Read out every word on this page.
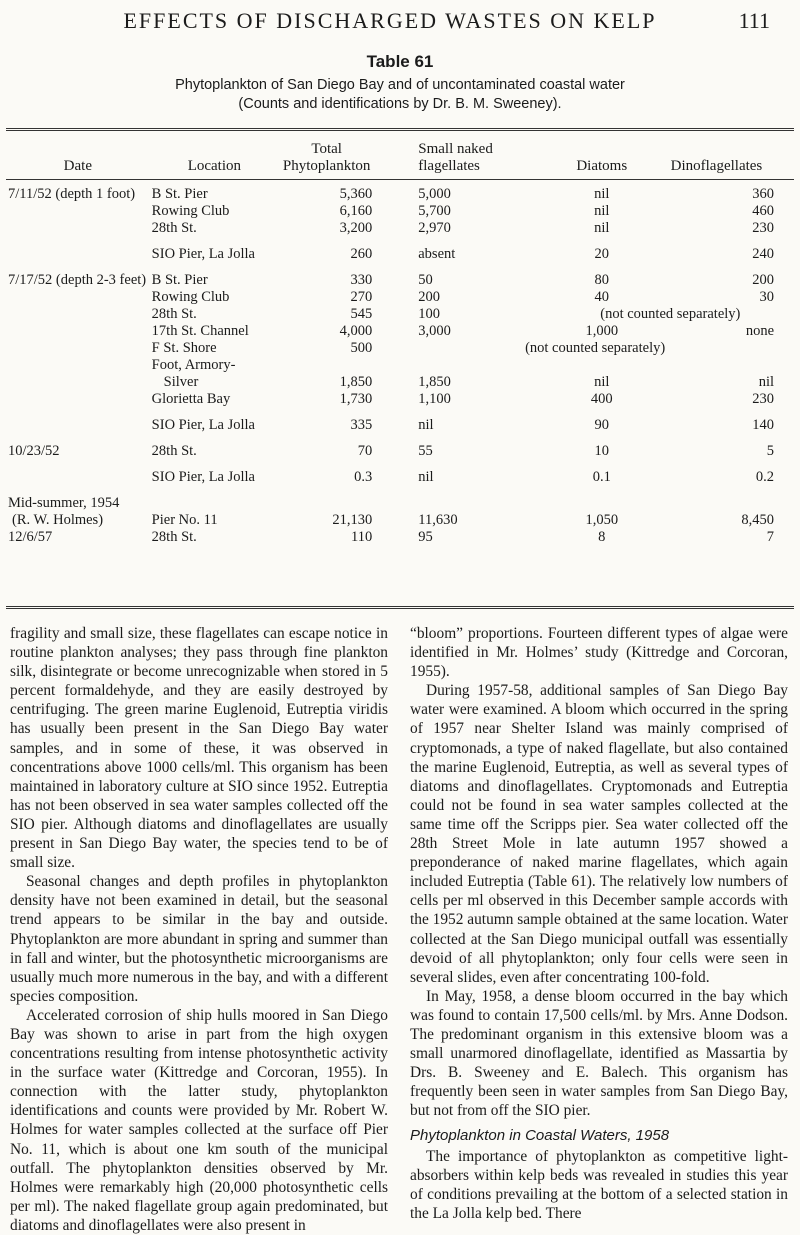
EFFECTS OF DISCHARGED WASTES ON KELP	111
Table 61
Phytoplankton of San Diego Bay and of uncontaminated coastal water
(Counts and identifications by Dr. B. M. Sweeney).
Date	Location	Total Phytoplankton	Small naked flagellates	Diatoms	Dinoflagellates

7/11/52 (depth 1 foot)	B St. Pier	5,360	5,000	nil	360
	Rowing Club	6,160	5,700	nil	460
	28th St.	3,200	2,970	nil	230
	SIO Pier, La Jolla	260	absent	20	240
7/17/52 (depth 2-3 feet)	B St. Pier	330	50	80	200
	Rowing Club	270	200	40	30
	28th St.	545	100	(not counted separately)	
	17th St. Channel	4,000	3,000	1,000	none
	F St. Shore	500	(not counted separately)		
	Foot, Armory-				
	Silver	1,850	1,850	nil	nil
	Glorietta Bay	1,730	1,100	400	230
	SIO Pier, La Jolla	335	nil	90	140
10/23/52	28th St.	70	55	10	5
	SIO Pier, La Jolla	0.3	nil	0.1	0.2
Mid-summer, 1954					
(R. W. Holmes)	Pier No. 11	21,130	11,630	1,050	8,450
12/6/57	28th St.	110	95	8	7

fragility and small size, these flagellates can escape notice in routine plankton analyses; they pass through fine plankton silk, disintegrate or become unrecognizable when stored in 5 percent formaldehyde, and they are easily destroyed by centrifuging. The green marine Euglenoid, Eutreptia viridis has usually been present in the San Diego Bay water samples, and in some of these, it was observed in concentrations above 1000 cells/ml. This organism has been maintained in laboratory culture at SIO since 1952. Eutreptia has not been observed in sea water samples collected off the SIO pier. Although diatoms and dinoflagellates are usually present in San Diego Bay water, the species tend to be of small size.

Seasonal changes and depth profiles in phytoplankton density have not been examined in detail, but the seasonal trend appears to be similar in the bay and outside. Phytoplankton are more abundant in spring and summer than in fall and winter, but the photosynthetic microorganisms are usually much more numerous in the bay, and with a different species composition.

Accelerated corrosion of ship hulls moored in San Diego Bay was shown to arise in part from the high oxygen concentrations resulting from intense photosynthetic activity in the surface water (Kittredge and Corcoran, 1955). In connection with the latter study, phytoplankton identifications and counts were provided by Mr. Robert W. Holmes for water samples collected at the surface off Pier No. 11, which is about one km south of the municipal outfall. The phytoplankton densities observed by Mr. Holmes were remarkably high (20,000 photosynthetic cells per ml). The naked flagellate group again predominated, but diatoms and dinoflagellates were also present in

“bloom” proportions. Fourteen different types of algae were identified in Mr. Holmes’ study (Kittredge and Corcoran, 1955).

During 1957-58, additional samples of San Diego Bay water were examined. A bloom which occurred in the spring of 1957 near Shelter Island was mainly comprised of cryptomonads, a type of naked flagellate, but also contained the marine Euglenoid, Eutreptia, as well as several types of diatoms and dinoflagellates. Cryptomonads and Eutreptia could not be found in sea water samples collected at the same time off the Scripps pier. Sea water collected off the 28th Street Mole in late autumn 1957 showed a preponderance of naked marine flagellates, which again included Eutreptia (Table 61). The relatively low numbers of cells per ml observed in this December sample accords with the 1952 autumn sample obtained at the same location. Water collected at the San Diego municipal outfall was essentially devoid of all phytoplankton; only four cells were seen in several slides, even after concentrating 100-fold.

In May, 1958, a dense bloom occurred in the bay which was found to contain 17,500 cells/ml. by Mrs. Anne Dodson. The predominant organism in this extensive bloom was a small unarmored dinoflagellate, identified as Massartia by Drs. B. Sweeney and E. Balech. This organism has frequently been seen in water samples from San Diego Bay, but not from off the SIO pier.

Phytoplankton in Coastal Waters, 1958

The importance of phytoplankton as competitive light-absorbers within kelp beds was revealed in studies this year of conditions prevailing at the bottom of a selected station in the La Jolla kelp bed. There
